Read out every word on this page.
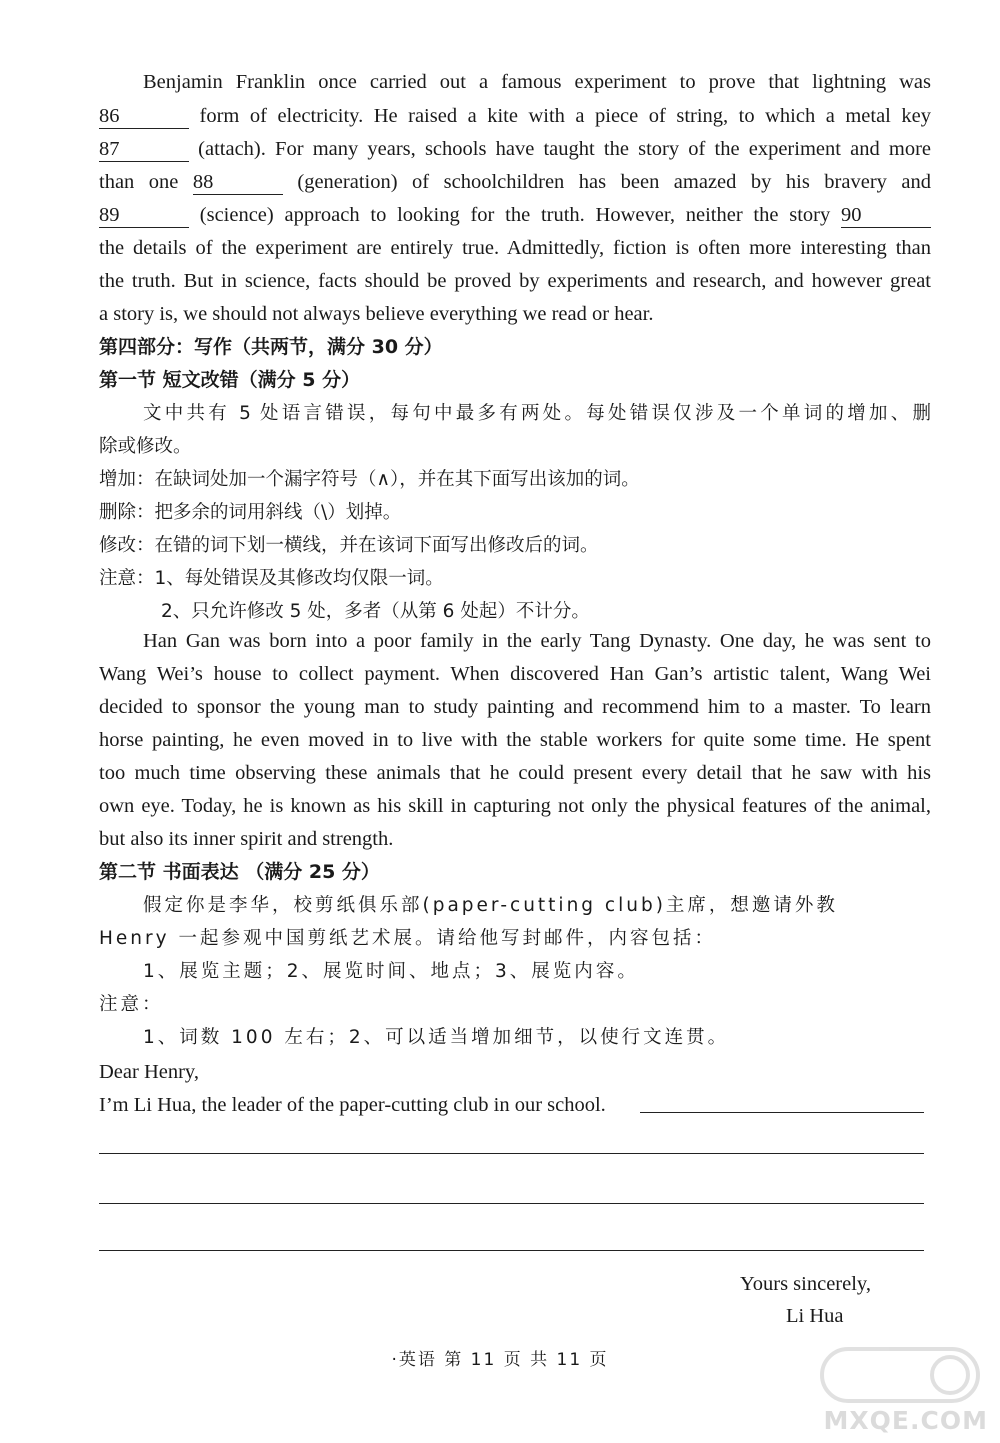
Benjamin Franklin once carried out a famous experiment to prove that lightning was
86	form of electricity. He raised a kite with a piece of string, to which a metal key
87	(attach). For many years, schools have taught the story of the experiment and more
than one 88	(generation) of schoolchildren has been amazed by his bravery and
89	(science) approach to looking for the truth. However, neither the story 90
the details of the experiment are entirely true. Admittedly, fiction is often more interesting than
the truth. But in science, facts should be proved by experiments and research, and however great
a story is, we should not always believe everything we read or hear.
第四部分：写作（共两节，满分 30 分）
第一节 短文改错（满分 5 分）
文中共有 5 处语言错误，每句中最多有两处。每处错误仅涉及一个单词的增加、删
除或修改。
增加：在缺词处加一个漏字符号（∧），并在其下面写出该加的词。
删除：把多余的词用斜线（\）划掉。
修改：在错的词下划一横线，并在该词下面写出修改后的词。
注意：1、每处错误及其修改均仅限一词。
2、只允许修改 5 处，多者（从第 6 处起）不计分。
Han Gan was born into a poor family in the early Tang Dynasty. One day, he was sent to
Wang Wei’s house to collect payment. When discovered Han Gan’s artistic talent, Wang Wei
decided to sponsor the young man to study painting and recommend him to a master. To learn
horse painting, he even moved in to live with the stable workers for quite some time. He spent
too much time observing these animals that he could present every detail that he saw with his
own eye. Today, he is known as his skill in capturing not only the physical features of the animal,
but also its inner spirit and strength.
第二节 书面表达 （满分 25 分）
假定你是李华，校剪纸俱乐部(paper-cutting club)主席，想邀请外教
Henry 一起参观中国剪纸艺术展。请给他写封邮件，内容包括：
1、展览主题；2、展览时间、地点；3、展览内容。
注意：
1、词数 100 左右；2、可以适当增加细节，以使行文连贯。
Dear Henry,
I’m Li Hua, the leader of the paper-cutting club in our school.
Yours sincerely,
Li Hua
·英语 第 11 页 共 11 页
MXQE.COM
